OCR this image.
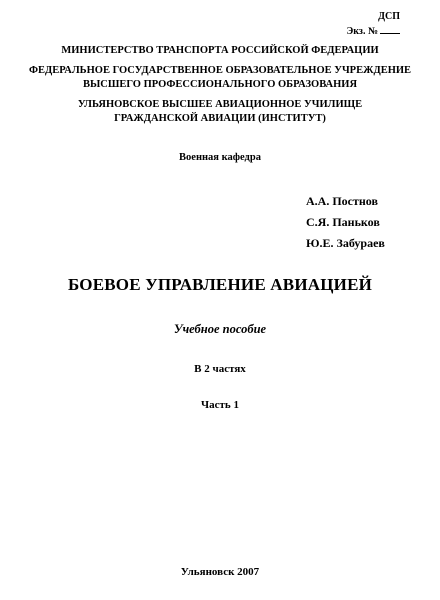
ДСП
Экз. №
МИНИСТЕРСТВО ТРАНСПОРТА РОССИЙСКОЙ ФЕДЕРАЦИИ
ФЕДЕРАЛЬНОЕ ГОСУДАРСТВЕННОЕ ОБРАЗОВАТЕЛЬНОЕ УЧРЕЖДЕНИЕ
ВЫСШЕГО ПРОФЕССИОНАЛЬНОГО ОБРАЗОВАНИЯ
УЛЬЯНОВСКОЕ ВЫСШЕЕ АВИАЦИОННОЕ УЧИЛИЩЕ
ГРАЖДАНСКОЙ АВИАЦИИ (ИНСТИТУТ)
Военная кафедра
А.А. Постнов
С.Я. Паньков
Ю.Е. Забураев
БОЕВОЕ УПРАВЛЕНИЕ АВИАЦИЕЙ
Учебное пособие
В 2 частях
Часть 1
Ульяновск 2007
